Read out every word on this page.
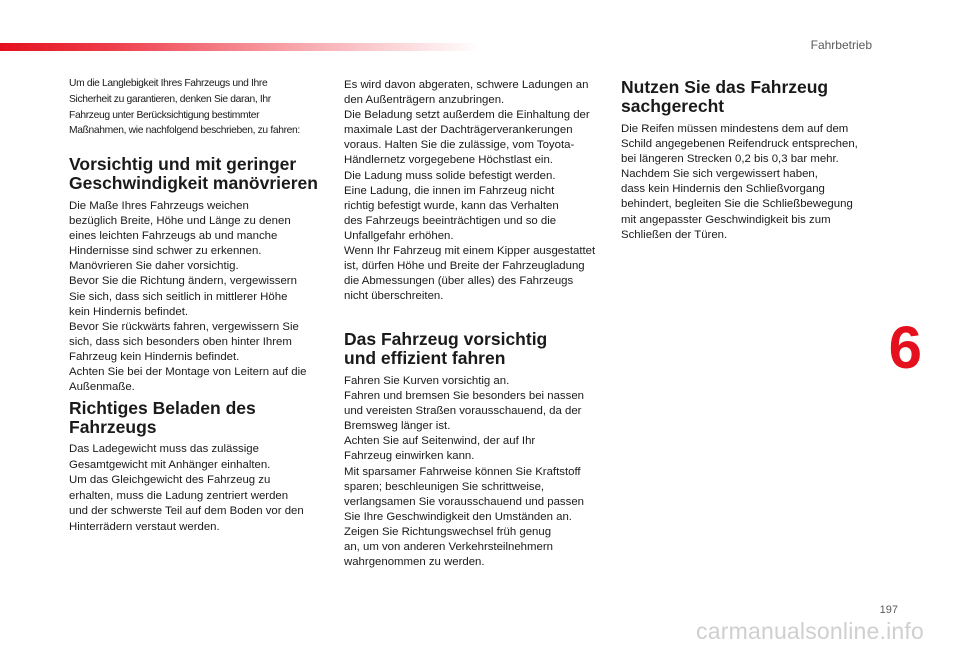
Fahrbetrieb
6
197
carmanualsonline.info

Um die Langlebigkeit Ihres Fahrzeugs und Ihre
Sicherheit zu garantieren, denken Sie daran, Ihr
Fahrzeug unter Berücksichtigung bestimmter
Maßnahmen, wie nachfolgend beschrieben, zu fahren:

Vorsichtig und mit geringer
Geschwindigkeit manövrieren

Die Maße Ihres Fahrzeugs weichen
bezüglich Breite, Höhe und Länge zu denen
eines leichten Fahrzeugs ab und manche
Hindernisse sind schwer zu erkennen.
Manövrieren Sie daher vorsichtig.
Bevor Sie die Richtung ändern, vergewissern
Sie sich, dass sich seitlich in mittlerer Höhe
kein Hindernis befindet.
Bevor Sie rückwärts fahren, vergewissern Sie
sich, dass sich besonders oben hinter Ihrem
Fahrzeug kein Hindernis befindet.
Achten Sie bei der Montage von Leitern auf die
Außenmaße.

Richtiges Beladen des
Fahrzeugs

Das Ladegewicht muss das zulässige
Gesamtgewicht mit Anhänger einhalten.
Um das Gleichgewicht des Fahrzeug zu
erhalten, muss die Ladung zentriert werden
und der schwerste Teil auf dem Boden vor den
Hinterrädern verstaut werden.

Es wird davon abgeraten, schwere Ladungen an
den Außenträgern anzubringen.
Die Beladung setzt außerdem die Einhaltung der
maximale Last der Dachträgerverankerungen
voraus. Halten Sie die zulässige, vom Toyota-
Händlernetz vorgegebene Höchstlast ein.
Die Ladung muss solide befestigt werden.
Eine Ladung, die innen im Fahrzeug nicht
richtig befestigt wurde, kann das Verhalten
des Fahrzeugs beeinträchtigen und so die
Unfallgefahr erhöhen.
Wenn Ihr Fahrzeug mit einem Kipper ausgestattet
ist, dürfen Höhe und Breite der Fahrzeugladung
die Abmessungen (über alles) des Fahrzeugs
nicht überschreiten.

Das Fahrzeug vorsichtig
und effizient fahren

Fahren Sie Kurven vorsichtig an.
Fahren und bremsen Sie besonders bei nassen
und vereisten Straßen vorausschauend, da der
Bremsweg länger ist.
Achten Sie auf Seitenwind, der auf Ihr
Fahrzeug einwirken kann.
Mit sparsamer Fahrweise können Sie Kraftstoff
sparen; beschleunigen Sie schrittweise,
verlangsamen Sie vorausschauend und passen
Sie Ihre Geschwindigkeit den Umständen an.
Zeigen Sie Richtungswechsel früh genug
an, um von anderen Verkehrsteilnehmern
wahrgenommen zu werden.

Nutzen Sie das Fahrzeug
sachgerecht

Die Reifen müssen mindestens dem auf dem
Schild angegebenen Reifendruck entsprechen,
bei längeren Strecken 0,2 bis 0,3 bar mehr.
Nachdem Sie sich vergewissert haben,
dass kein Hindernis den Schließvorgang
behindert, begleiten Sie die Schließbewegung
mit angepasster Geschwindigkeit bis zum
Schließen der Türen.
